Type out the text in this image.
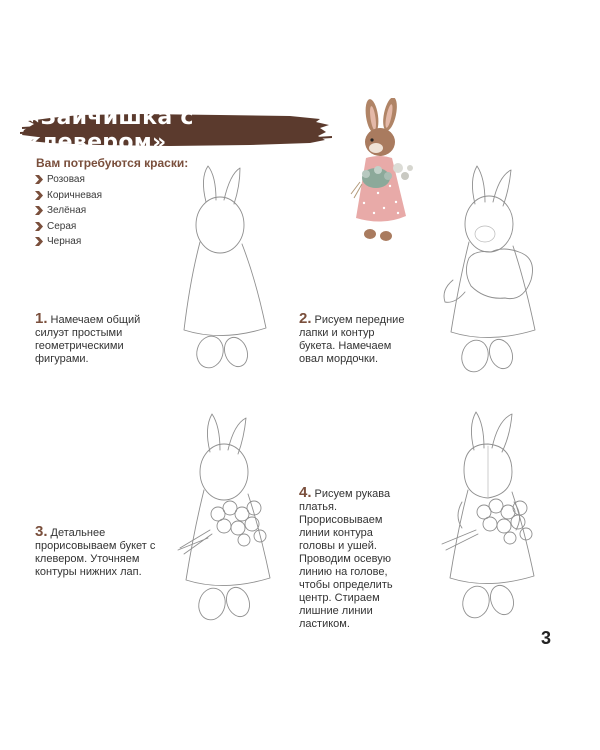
«Зайчишка с клевером»
Вам потребуются краски:
Розовая
Коричневая
Зелёная
Серая
Черная
1. Намечаем общий силуэт простыми геометрическими фигурами.
2. Рисуем передние лапки и контур букета. Намечаем овал мордочки.
3. Детальнее прорисовываем букет с клевером. Уточняем контуры нижних лап.
4. Рисуем рукава платья. Прорисовываем линии контура головы и ушей. Проводим осевую линию на голове, чтобы определить центр. Стираем лишние линии ластиком.
3
